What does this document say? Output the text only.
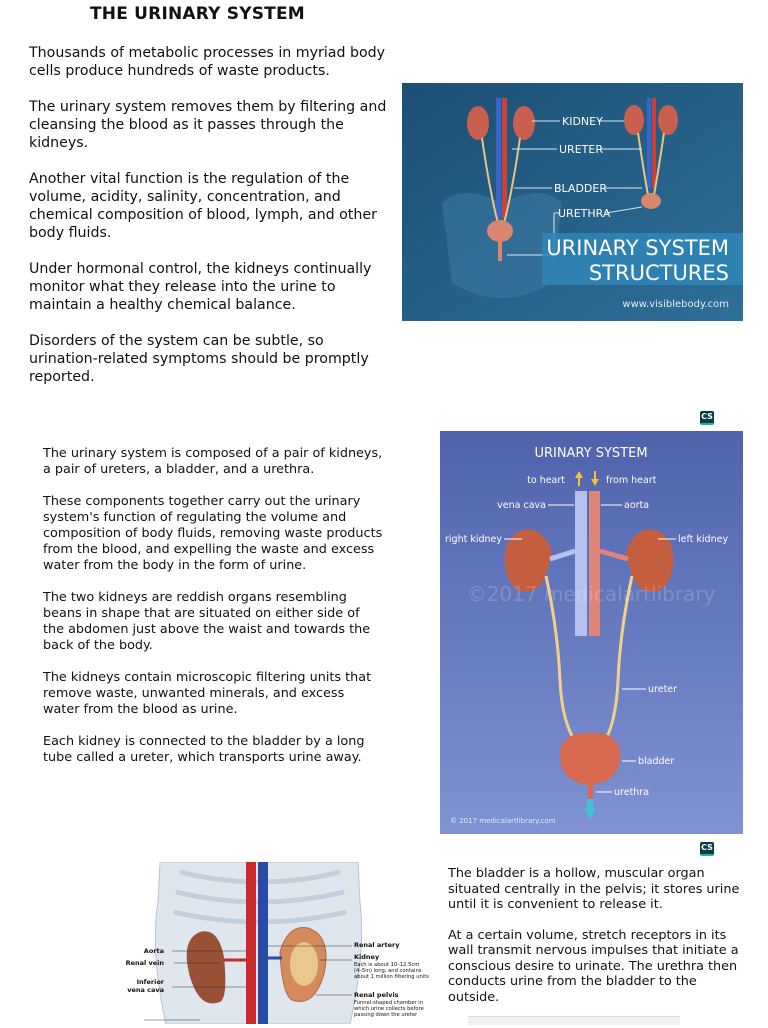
THE URINARY SYSTEM

Thousands of metabolic processes in myriad body cells produce hundreds of waste products.

The urinary system removes them by filtering and cleansing the blood as it passes through the kidneys.

Another vital function is the regulation of the volume, acidity, salinity, concentration, and chemical composition of blood, lymph, and other body fluids.

Under hormonal control, the kidneys continually monitor what they release into the urine to maintain a healthy chemical balance.

Disorders of the system can be subtle, so urination-related symptoms should be promptly reported.

KIDNEY
URETER
BLADDER
URETHRA
URINARY SYSTEM
STRUCTURES
www.visiblebody.com
CS

The urinary system is composed of a pair of kidneys, a pair of ureters, a bladder, and a urethra.

These components together carry out the urinary system's function of regulating the volume and composition of body fluids, removing waste products from the blood, and expelling the waste and excess water from the body in the form of urine.

The two kidneys are reddish organs resembling beans in shape that are situated on either side of the abdomen just above the waist and towards the back of the body.

The kidneys contain microscopic filtering units that remove waste, unwanted minerals, and excess water from the blood as urine.

Each kidney is connected to the bladder by a long tube called a ureter, which transports urine away.

URINARY SYSTEM
to heart	from heart
©2017 medicalartlibrary
vena cava	aorta
right kidney	left kidney
ureter
bladder
urethra
© 2017 medicalartlibrary.com
CS
Aorta
Renal vein
Inferior
vena cava
Renal artery
Kidney
Each is about 10–12.5cm
(4–5in) long, and contains
about 1 million filtering units
Renal pelvis
Funnel-shaped chamber in
which urine collects before
passing down the ureter

The bladder is a hollow, muscular organ situated centrally in the pelvis; it stores urine until it is convenient to release it.

At a certain volume, stretch receptors in its wall transmit nervous impulses that initiate a conscious desire to urinate. The urethra then conducts urine from the bladder to the outside.
